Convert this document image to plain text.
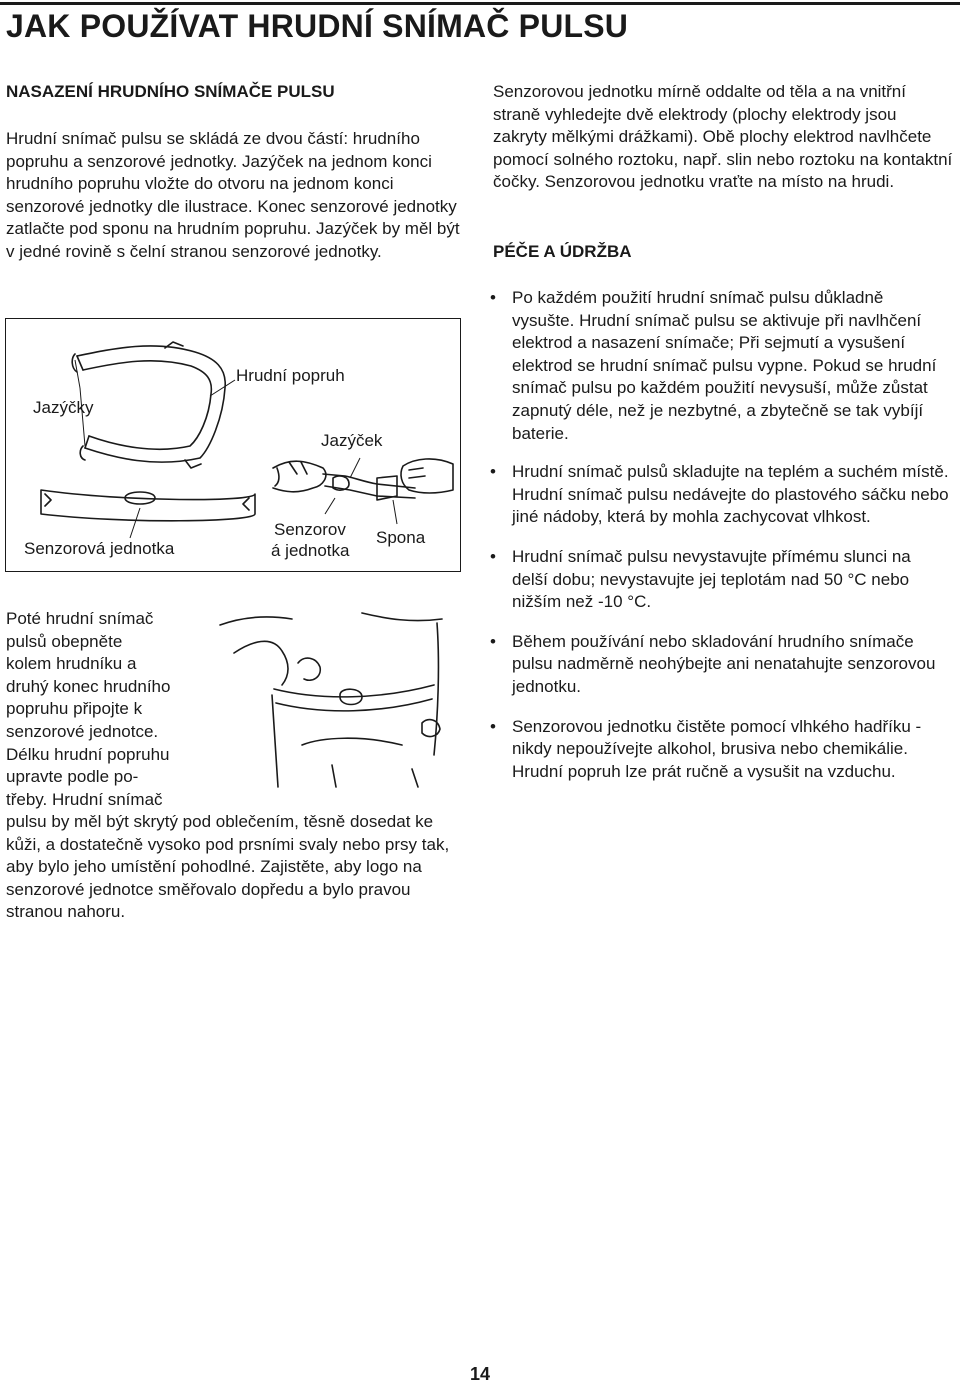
JAK POUŽÍVAT HRUDNÍ SNÍMAČ PULSU
NASAZENÍ HRUDNÍHO SNÍMAČE PULSU

Hrudní snímač pulsu se skládá ze dvou částí: hrudního popruhu a senzorové jednotky. Jazýček na jednom konci hrudního popruhu vložte do otvoru na jednom konci senzorové jednotky dle ilustrace. Konec senzorové jednotky zatlačte pod sponu na hrudním popruhu. Jazýček by měl být v jedné rovině s čelní stranou senzorové jednotky.

Jazýčky
Hrudní popruh
Jazýček
Senzorová jednotka
Senzorov
á jednotka
Spona
Poté hrudní snímač
pulsů obepněte
kolem hrudníku a
druhý konec hrudního
popruhu připojte k
senzorové jednotce.
Délku hrudní popruhu
upravte podle po-
třeby. Hrudní snímač

pulsu by měl být skrytý pod oblečením, těsně dosedat ke kůži, a dostatečně vysoko pod prsními svaly nebo prsy tak, aby bylo jeho umístění pohodlné. Zajistěte, aby logo na senzorové jednotce směřovalo dopředu a bylo pravou stranou nahoru.

Senzorovou jednotku mírně oddalte od těla a na vnitřní straně vyhledejte dvě elektrody (plochy elektrody jsou zakryty mělkými drážkami). Obě plochy elektrod navlhčete pomocí solného roztoku, např. slin nebo roztoku na kontaktní čočky. Senzorovou jednotku vraťte na místo na hrudi.

PÉČE A ÚDRŽBA
• Po každém použití hrudní snímač pulsu důkladně vysušte. Hrudní snímač pulsu se aktivuje při navlhčení elektrod a nasazení snímače; Při sejmutí a vysušení elektrod se hrudní snímač pulsu vypne. Pokud se hrudní snímač pulsu po každém použití nevysuší, může zůstat zapnutý déle, než je nezbytné, a zbytečně se tak vybíjí baterie.
• Hrudní snímač pulsů skladujte na teplém a suchém místě. Hrudní snímač pulsu nedávejte do plastového sáčku nebo jiné nádoby, která by mohla zachycovat vlhkost.
• Hrudní snímač pulsu nevystavujte přímému slunci na delší dobu; nevystavujte jej teplotám nad 50 °C nebo nižším než -10 °C.
• Během používání nebo skladování hrudního snímače pulsu nadměrně neohýbejte ani nenatahujte senzorovou jednotku.
• Senzorovou jednotku čistěte pomocí vlhkého hadříku - nikdy nepoužívejte alkohol, brusiva nebo chemikálie. Hrudní popruh lze prát ručně a vysušit na vzduchu.
14
